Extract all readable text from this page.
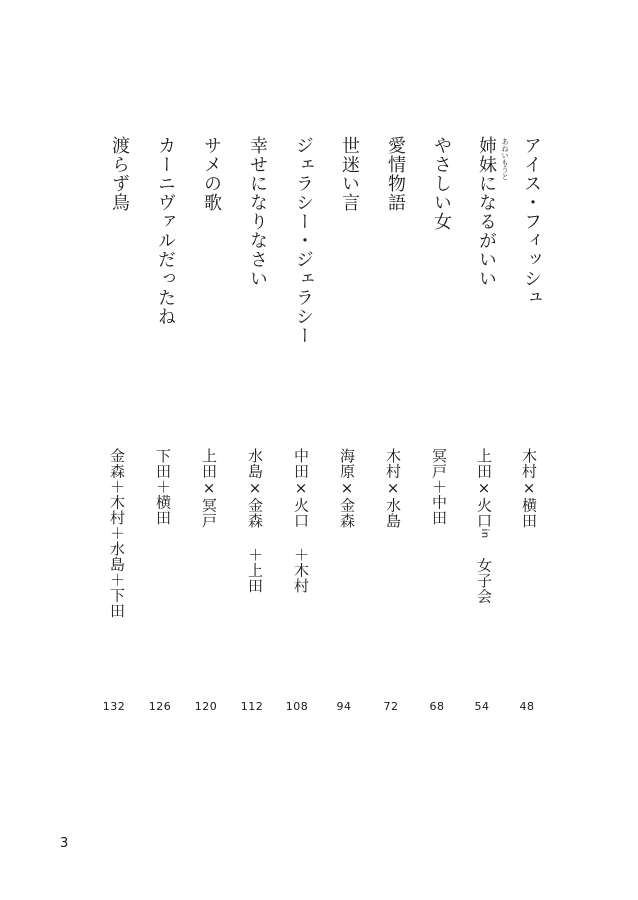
アイス・フィッシュ
木村×横田
48
姉妹になるがいい あねいもうと
上田×火口in 女子会
54
やさしい女
冥戸＋中田
68
愛情物語
木村×水島
72
世迷い言
海原×金森
94
ジェラシー・ジェラシー
中田×火口 ＋木村
108
幸せになりなさい
水島×金森 ＋上田
112
サメの歌
上田×冥戸
120
カーニヴァルだったね
下田＋横田
126
渡らず鳥
金森＋木村＋水島＋下田
132
3
